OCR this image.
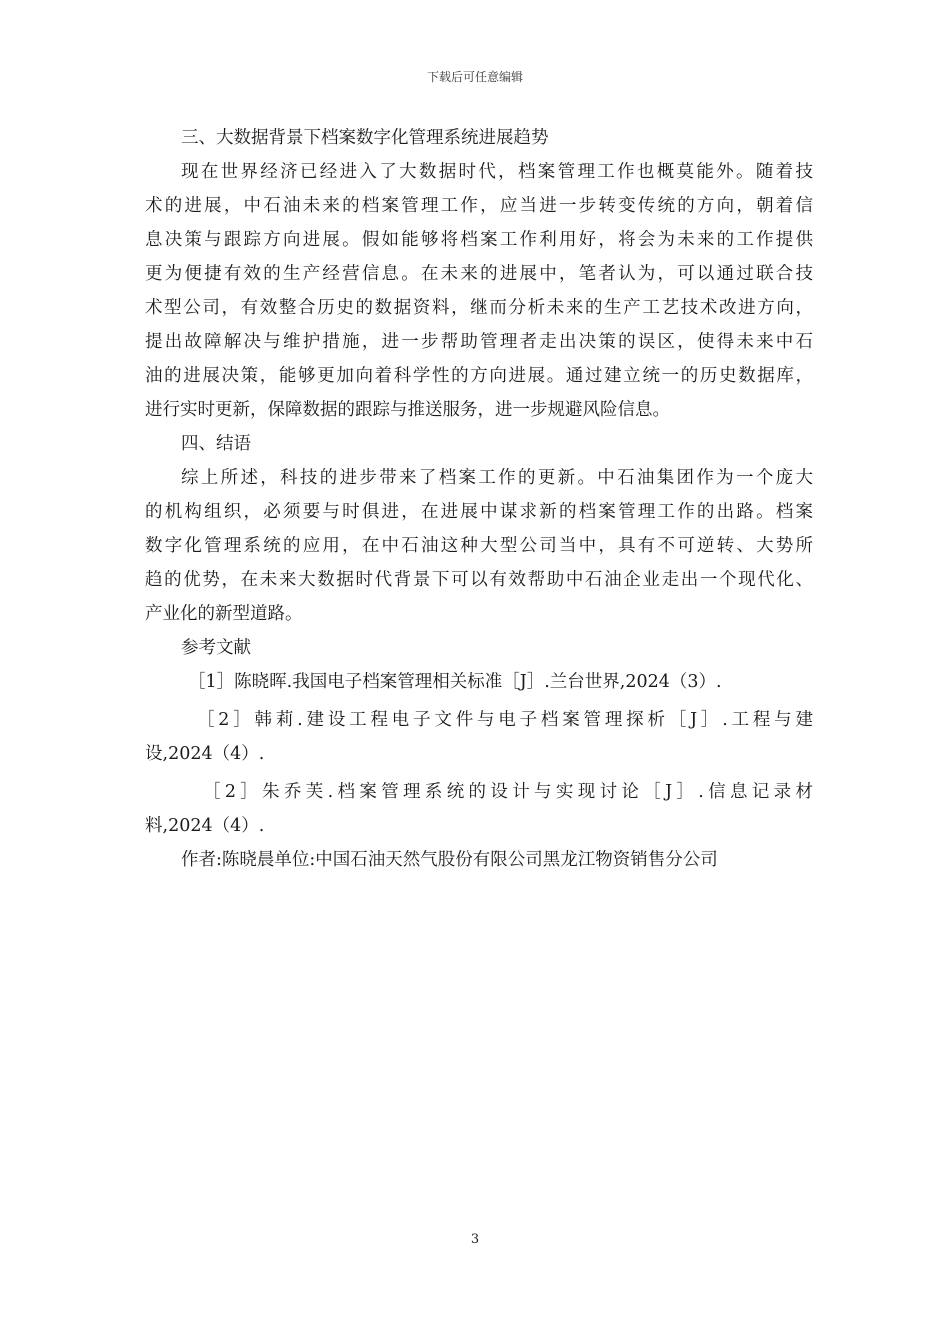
下载后可任意编辑
三、大数据背景下档案数字化管理系统进展趋势
现在世界经济已经进入了大数据时代，档案管理工作也概莫能外。随着技
术的进展，中石油未来的档案管理工作，应当进一步转变传统的方向，朝着信
息决策与跟踪方向进展。假如能够将档案工作利用好，将会为未来的工作提供
更为便捷有效的生产经营信息。在未来的进展中，笔者认为，可以通过联合技
术型公司，有效整合历史的数据资料，继而分析未来的生产工艺技术改进方向，
提出故障解决与维护措施，进一步帮助管理者走出决策的误区，使得未来中石
油的进展决策，能够更加向着科学性的方向进展。通过建立统一的历史数据库，
进行实时更新，保障数据的跟踪与推送服务，进一步规避风险信息。
四、结语
综上所述，科技的进步带来了档案工作的更新。中石油集团作为一个庞大
的机构组织，必须要与时俱进，在进展中谋求新的档案管理工作的出路。档案
数字化管理系统的应用，在中石油这种大型公司当中，具有不可逆转、大势所
趋的优势，在未来大数据时代背景下可以有效帮助中石油企业走出一个现代化、
产业化的新型道路。
参考文献
［1］陈晓晖.我国电子档案管理相关标准［J］.兰台世界,2024（3）.
［2］韩莉.建设工程电子文件与电子档案管理探析［J］.工程与建
设,2024（4）.
［2］朱乔芙.档案管理系统的设计与实现讨论［J］.信息记录材
料,2024（4）.
作者:陈晓晨单位:中国石油天然气股份有限公司黑龙江物资销售分公司
3
